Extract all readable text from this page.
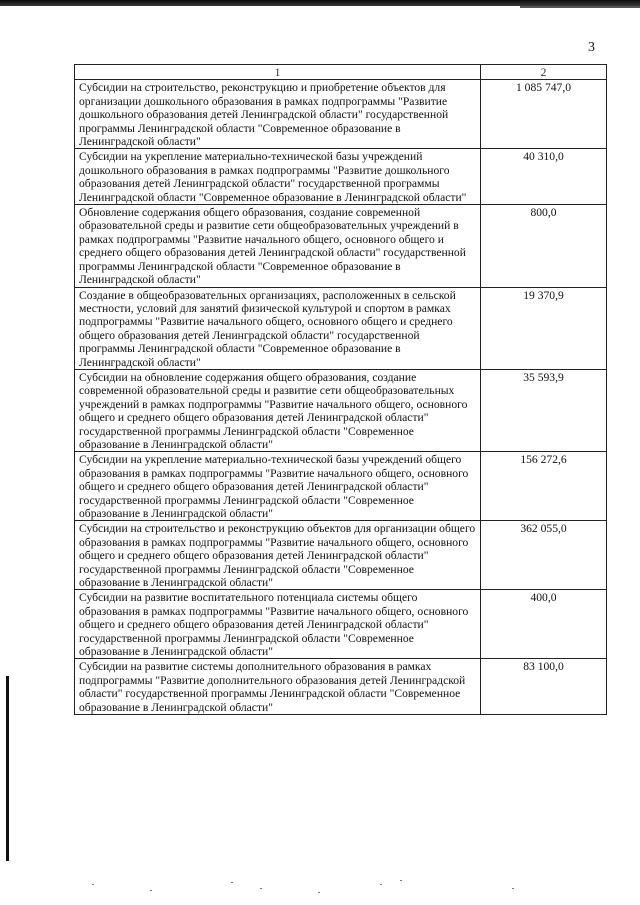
3
1	2
Субсидии на строительство, реконструкцию и приобретение объектов для организации дошкольного образования в рамках подпрограммы "Развитие дошкольного образования детей Ленинградской области" государственной программы Ленинградской области "Современное образование в Ленинградской области"	1 085 747,0
Субсидии на укрепление материально-технической базы учреждений дошкольного образования в рамках подпрограммы "Развитие дошкольного образования детей Ленинградской области" государственной программы Ленинградской области "Современное образование в Ленинградской области"	40 310,0
Обновление содержания общего образования, создание современной образовательной среды и развитие сети общеобразовательных учреждений в рамках подпрограммы "Развитие начального общего, основного общего и среднего общего образования детей Ленинградской области" государственной программы Ленинградской области "Современное образование в Ленинградской области"	800,0
Создание в общеобразовательных организациях, расположенных в сельской местности, условий для занятий физической культурой и спортом в рамках подпрограммы "Развитие начального общего, основного общего и среднего общего образования детей Ленинградской области" государственной программы Ленинградской области "Современное образование в Ленинградской области"	19 370,9
Субсидии на обновление содержания общего образования, создание современной образовательной среды и развитие сети общеобразовательных учреждений в рамках подпрограммы "Развитие начального общего, основного общего и среднего общего образования детей Ленинградской области" государственной программы Ленинградской области "Современное образование в Ленинградской области"	35 593,9
Субсидии на укрепление материально-технической базы учреждений общего образования в рамках подпрограммы "Развитие начального общего, основного общего и среднего общего образования детей Ленинградской области" государственной программы Ленинградской области "Современное образование в Ленинградской области"	156 272,6
Субсидии на строительство и реконструкцию объектов для организации общего образования в рамках подпрограммы "Развитие начального общего, основного общего и среднего общего образования детей Ленинградской области" государственной программы Ленинградской области "Современное образование в Ленинградской области"	362 055,0
Субсидии на развитие воспитательного потенциала системы общего образования в рамках подпрограммы "Развитие начального общего, основного общего и среднего общего образования детей Ленинградской области" государственной программы Ленинградской области "Современное образование в Ленинградской области"	400,0
Субсидии на развитие системы дополнительного образования в рамках подпрограммы "Развитие дополнительного образования детей Ленинградской области" государственной программы Ленинградской области "Современное образование в Ленинградской области"	83 100,0
